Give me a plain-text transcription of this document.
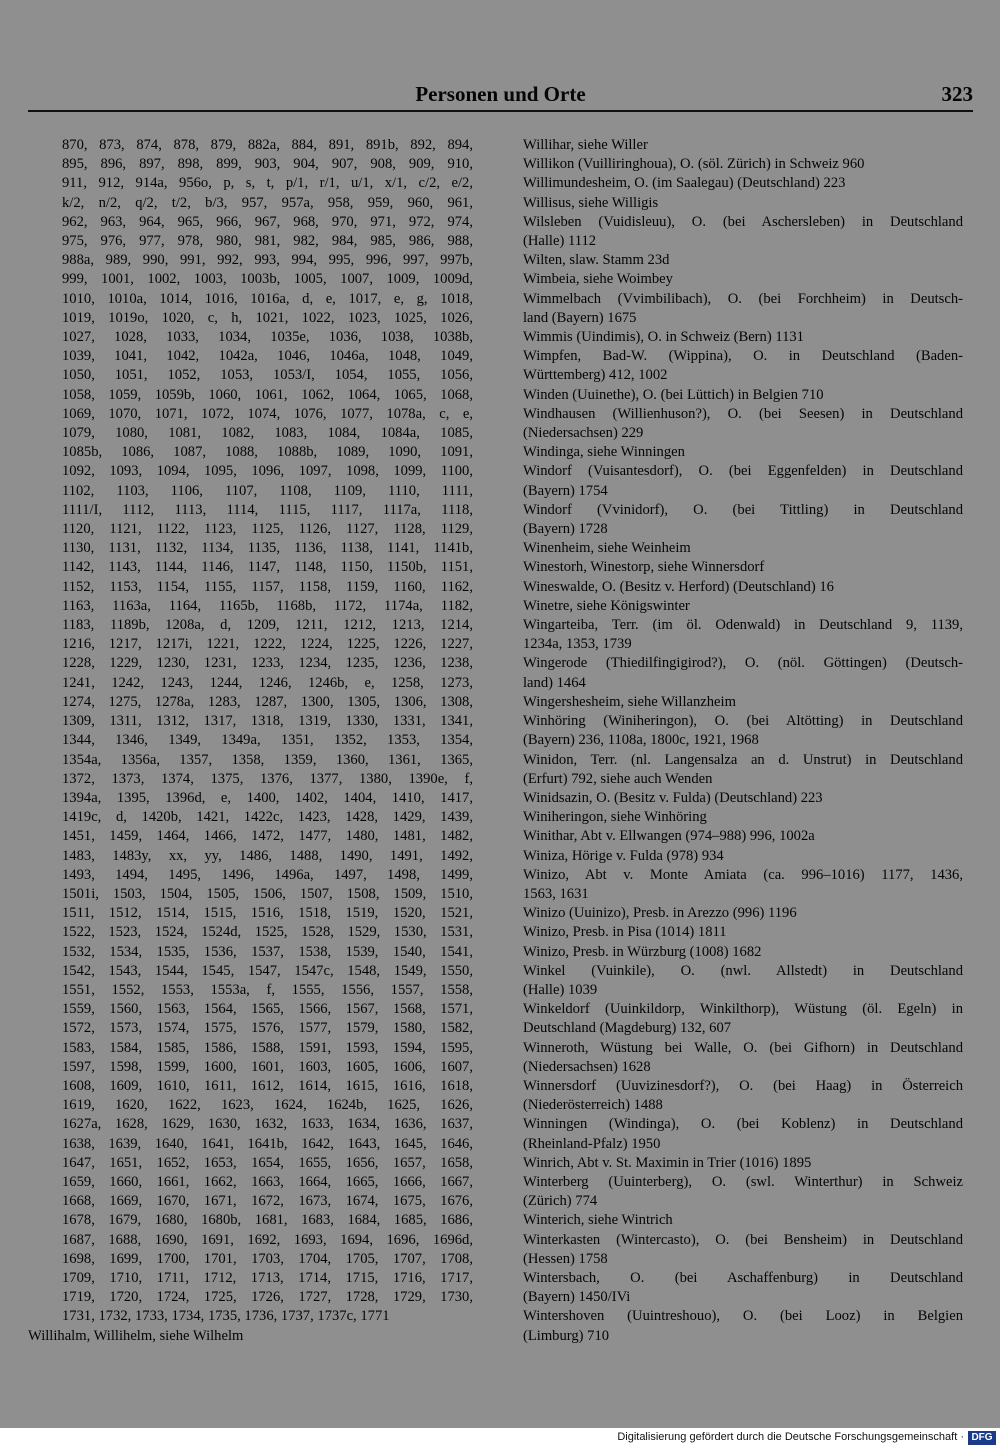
Personen und Orte	323
870, 873, 874, 878, 879, 882a, 884, 891, 891b, 892, 894,
895, 896, 897, 898, 899, 903, 904, 907, 908, 909, 910,
911, 912, 914a, 956o, p, s, t, p/1, r/1, u/1, x/1, c/2, e/2,
k/2, n/2, q/2, t/2, b/3, 957, 957a, 958, 959, 960, 961,
962, 963, 964, 965, 966, 967, 968, 970, 971, 972, 974,
975, 976, 977, 978, 980, 981, 982, 984, 985, 986, 988,
988a, 989, 990, 991, 992, 993, 994, 995, 996, 997, 997b,
999, 1001, 1002, 1003, 1003b, 1005, 1007, 1009, 1009d,
1010, 1010a, 1014, 1016, 1016a, d, e, 1017, e, g, 1018,
1019, 1019o, 1020, c, h, 1021, 1022, 1023, 1025, 1026,
1027, 1028, 1033, 1034, 1035e, 1036, 1038, 1038b,
1039, 1041, 1042, 1042a, 1046, 1046a, 1048, 1049,
1050, 1051, 1052, 1053, 1053/I, 1054, 1055, 1056,
1058, 1059, 1059b, 1060, 1061, 1062, 1064, 1065, 1068,
1069, 1070, 1071, 1072, 1074, 1076, 1077, 1078a, c, e,
1079, 1080, 1081, 1082, 1083, 1084, 1084a, 1085,
1085b, 1086, 1087, 1088, 1088b, 1089, 1090, 1091,
1092, 1093, 1094, 1095, 1096, 1097, 1098, 1099, 1100,
1102, 1103, 1106, 1107, 1108, 1109, 1110, 1111,
1111/I, 1112, 1113, 1114, 1115, 1117, 1117a, 1118,
1120, 1121, 1122, 1123, 1125, 1126, 1127, 1128, 1129,
1130, 1131, 1132, 1134, 1135, 1136, 1138, 1141, 1141b,
1142, 1143, 1144, 1146, 1147, 1148, 1150, 1150b, 1151,
1152, 1153, 1154, 1155, 1157, 1158, 1159, 1160, 1162,
1163, 1163a, 1164, 1165b, 1168b, 1172, 1174a, 1182,
1183, 1189b, 1208a, d, 1209, 1211, 1212, 1213, 1214,
1216, 1217, 1217i, 1221, 1222, 1224, 1225, 1226, 1227,
1228, 1229, 1230, 1231, 1233, 1234, 1235, 1236, 1238,
1241, 1242, 1243, 1244, 1246, 1246b, e, 1258, 1273,
1274, 1275, 1278a, 1283, 1287, 1300, 1305, 1306, 1308,
1309, 1311, 1312, 1317, 1318, 1319, 1330, 1331, 1341,
1344, 1346, 1349, 1349a, 1351, 1352, 1353, 1354,
1354a, 1356a, 1357, 1358, 1359, 1360, 1361, 1365,
1372, 1373, 1374, 1375, 1376, 1377, 1380, 1390e, f,
1394a, 1395, 1396d, e, 1400, 1402, 1404, 1410, 1417,
1419c, d, 1420b, 1421, 1422c, 1423, 1428, 1429, 1439,
1451, 1459, 1464, 1466, 1472, 1477, 1480, 1481, 1482,
1483, 1483y, xx, yy, 1486, 1488, 1490, 1491, 1492,
1493, 1494, 1495, 1496, 1496a, 1497, 1498, 1499,
1501i, 1503, 1504, 1505, 1506, 1507, 1508, 1509, 1510,
1511, 1512, 1514, 1515, 1516, 1518, 1519, 1520, 1521,
1522, 1523, 1524, 1524d, 1525, 1528, 1529, 1530, 1531,
1532, 1534, 1535, 1536, 1537, 1538, 1539, 1540, 1541,
1542, 1543, 1544, 1545, 1547, 1547c, 1548, 1549, 1550,
1551, 1552, 1553, 1553a, f, 1555, 1556, 1557, 1558,
1559, 1560, 1563, 1564, 1565, 1566, 1567, 1568, 1571,
1572, 1573, 1574, 1575, 1576, 1577, 1579, 1580, 1582,
1583, 1584, 1585, 1586, 1588, 1591, 1593, 1594, 1595,
1597, 1598, 1599, 1600, 1601, 1603, 1605, 1606, 1607,
1608, 1609, 1610, 1611, 1612, 1614, 1615, 1616, 1618,
1619, 1620, 1622, 1623, 1624, 1624b, 1625, 1626,
1627a, 1628, 1629, 1630, 1632, 1633, 1634, 1636, 1637,
1638, 1639, 1640, 1641, 1641b, 1642, 1643, 1645, 1646,
1647, 1651, 1652, 1653, 1654, 1655, 1656, 1657, 1658,
1659, 1660, 1661, 1662, 1663, 1664, 1665, 1666, 1667,
1668, 1669, 1670, 1671, 1672, 1673, 1674, 1675, 1676,
1678, 1679, 1680, 1680b, 1681, 1683, 1684, 1685, 1686,
1687, 1688, 1690, 1691, 1692, 1693, 1694, 1696, 1696d,
1698, 1699, 1700, 1701, 1703, 1704, 1705, 1707, 1708,
1709, 1710, 1711, 1712, 1713, 1714, 1715, 1716, 1717,
1719, 1720, 1724, 1725, 1726, 1727, 1728, 1729, 1730,
1731, 1732, 1733, 1734, 1735, 1736, 1737, 1737c, 1771
Willihalm, Willihelm, siehe Wilhelm
Willihar, siehe Willer
Willikon (Vuilliringhoua), O. (söl. Zürich) in Schweiz 960
Willimundesheim, O. (im Saalegau) (Deutschland) 223
Willisus, siehe Willigis
Wilsleben (Vuidisleuu), O. (bei Aschersleben) in Deutschland
(Halle) 1112
Wilten, slaw. Stamm 23d
Wimbeia, siehe Woimbey
Wimmelbach (Vvimbilibach), O. (bei Forchheim) in Deutsch-
land (Bayern) 1675
Wimmis (Uindimis), O. in Schweiz (Bern) 1131
Wimpfen, Bad-W. (Wippina), O. in Deutschland (Baden-
Württemberg) 412, 1002
Winden (Uuinethe), O. (bei Lüttich) in Belgien 710
Windhausen (Willienhuson?), O. (bei Seesen) in Deutschland
(Niedersachsen) 229
Windinga, siehe Winningen
Windorf (Vuisantesdorf), O. (bei Eggenfelden) in Deutschland
(Bayern) 1754
Windorf (Vvinidorf), O. (bei Tittling) in Deutschland
(Bayern) 1728
Winenheim, siehe Weinheim
Winestorh, Winestorp, siehe Winnersdorf
Wineswalde, O. (Besitz v. Herford) (Deutschland) 16
Winetre, siehe Königswinter
Wingarteiba, Terr. (im öl. Odenwald) in Deutschland 9, 1139,
1234a, 1353, 1739
Wingerode (Thiedilfingigirod?), O. (nöl. Göttingen) (Deutsch-
land) 1464
Wingershesheim, siehe Willanzheim
Winhöring (Winiheringon), O. (bei Altötting) in Deutschland
(Bayern) 236, 1108a, 1800c, 1921, 1968
Winidon, Terr. (nl. Langensalza an d. Unstrut) in Deutschland
(Erfurt) 792, siehe auch Wenden
Winidsazin, O. (Besitz v. Fulda) (Deutschland) 223
Winiheringon, siehe Winhöring
Winithar, Abt v. Ellwangen (974–988) 996, 1002a
Winiza, Hörige v. Fulda (978) 934
Winizo, Abt v. Monte Amiata (ca. 996–1016) 1177, 1436,
1563, 1631
Winizo (Uuinizo), Presb. in Arezzo (996) 1196
Winizo, Presb. in Pisa (1014) 1811
Winizo, Presb. in Würzburg (1008) 1682
Winkel (Vuinkile), O. (nwl. Allstedt) in Deutschland
(Halle) 1039
Winkeldorf (Uuinkildorp, Winkilthorp), Wüstung (öl. Egeln) in
Deutschland (Magdeburg) 132, 607
Winneroth, Wüstung bei Walle, O. (bei Gifhorn) in Deutschland
(Niedersachsen) 1628
Winnersdorf (Uuvizinesdorf?), O. (bei Haag) in Österreich
(Niederösterreich) 1488
Winningen (Windinga), O. (bei Koblenz) in Deutschland
(Rheinland-Pfalz) 1950
Winrich, Abt v. St. Maximin in Trier (1016) 1895
Winterberg (Uuinterberg), O. (swl. Winterthur) in Schweiz
(Zürich) 774
Winterich, siehe Wintrich
Winterkasten (Wintercasto), O. (bei Bensheim) in Deutschland
(Hessen) 1758
Wintersbach, O. (bei Aschaffenburg) in Deutschland
(Bayern) 1450/IVi
Wintershoven (Uuintreshouo), O. (bei Looz) in Belgien
(Limburg) 710
Digitalisierung gefördert durch die Deutsche Forschungsgemeinschaft · DFG
